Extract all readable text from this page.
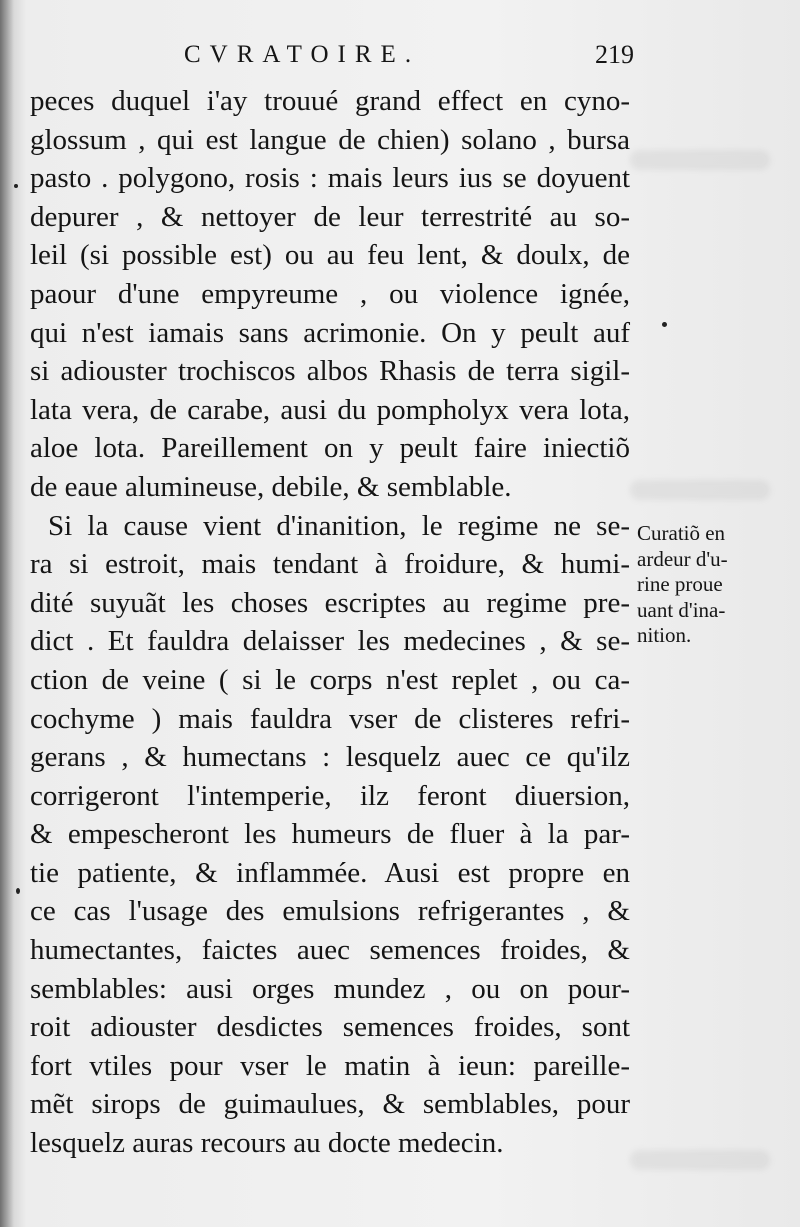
CVRATOIRE.	219
peces duquel i'ay trouué grand effect en cyno-
glossum , qui est langue de chien) solano , bursa
pasto . polygono, rosis : mais leurs ius se doyuent
depurer , & nettoyer de leur terrestrité au so-
leil (si possible est) ou au feu lent, & doulx, de
paour d'une empyreume , ou violence ignée,
qui n'est iamais sans acrimonie. On y peult auf
si adiouster trochiscos albos Rhasis de terra sigil-
lata vera, de carabe, ausi du pompholyx vera lota,
aloe lota. Pareillement on y peult faire iniectiõ
de eaue alumineuse, debile, & semblable.
Si la cause vient d'inanition, le regime ne se-
ra si estroit, mais tendant à froidure, & humi-
dité suyuãt les choses escriptes au regime pre-
dict . Et fauldra delaisser les medecines , & se-
ction de veine ( si le corps n'est replet , ou ca-
cochyme ) mais fauldra vser de clisteres refri-
gerans , & humectans : lesquelz auec ce qu'ilz
corrigeront l'intemperie, ilz feront diuersion,
& empescheront les humeurs de fluer à la par-
tie patiente, & inflammée. Ausi est propre en
ce cas l'usage des emulsions refrigerantes , &
humectantes, faictes auec semences froides, &
semblables: ausi orges mundez , ou on pour-
roit adiouster desdictes semences froides, sont
fort vtiles pour vser le matin à ieun: pareille-
mẽt sirops de guimaulues, & semblables, pour
lesquelz auras recours au docte medecin.
Curatiõ en
ardeur d'u-
rine proue
uant d'ina-
nition.
